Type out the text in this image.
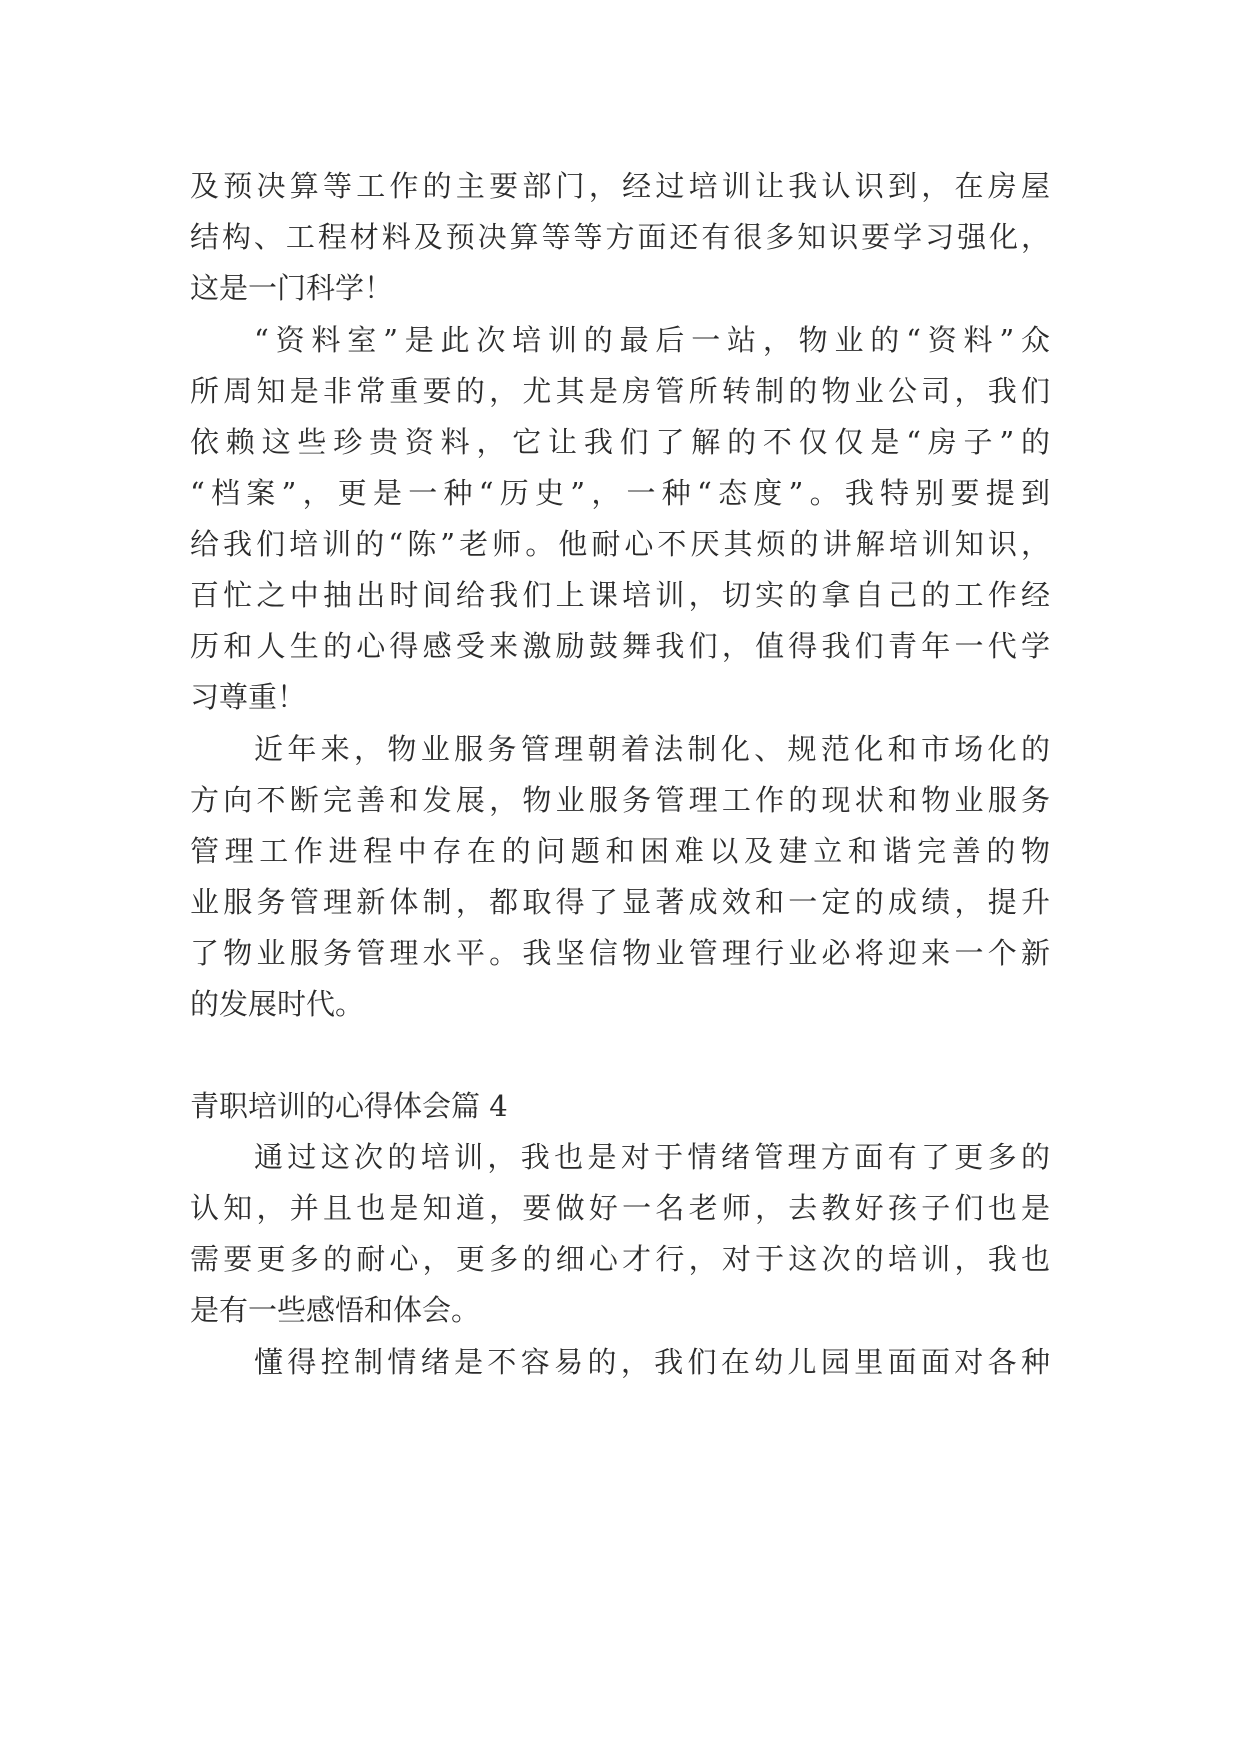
及预决算等工作的主要部门，经过培训让我认识到，在房屋
结构、工程材料及预决算等等方面还有很多知识要学习强化，
这是一门科学！
“资料室”是此次培训的最后一站，物业的“资料”众
所周知是非常重要的，尤其是房管所转制的物业公司，我们
依赖这些珍贵资料，它让我们了解的不仅仅是“房子”的
“档案”，更是一种“历史”，一种“态度”。我特别要提到
给我们培训的“陈”老师。他耐心不厌其烦的讲解培训知识，
百忙之中抽出时间给我们上课培训，切实的拿自己的工作经
历和人生的心得感受来激励鼓舞我们，值得我们青年一代学
习尊重！
近年来，物业服务管理朝着法制化、规范化和市场化的
方向不断完善和发展，物业服务管理工作的现状和物业服务
管理工作进程中存在的问题和困难以及建立和谐完善的物
业服务管理新体制，都取得了显著成效和一定的成绩，提升
了物业服务管理水平。我坚信物业管理行业必将迎来一个新
的发展时代。
青职培训的心得体会篇 4
通过这次的培训，我也是对于情绪管理方面有了更多的
认知，并且也是知道，要做好一名老师，去教好孩子们也是
需要更多的耐心，更多的细心才行，对于这次的培训，我也
是有一些感悟和体会。
懂得控制情绪是不容易的，我们在幼儿园里面面对各种
